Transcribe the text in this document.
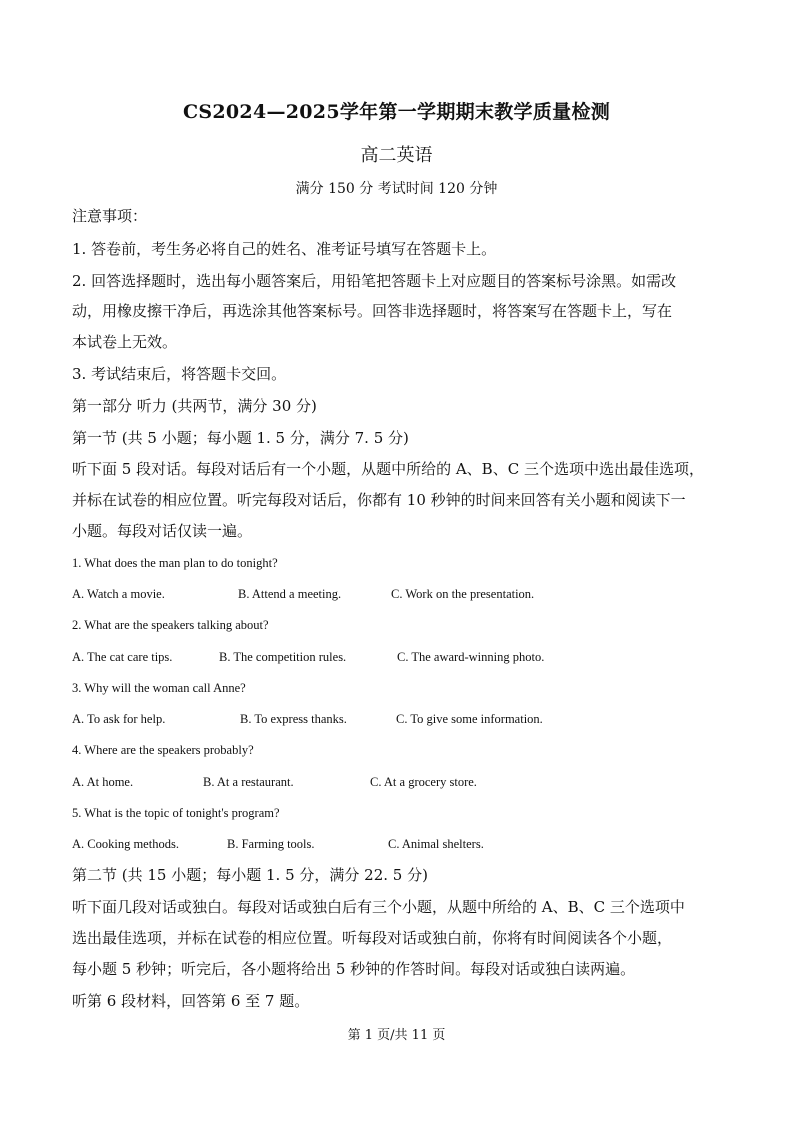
CS2024—2025学年第一学期期末教学质量检测
高二英语
满分 150 分 考试时间 120 分钟
注意事项：
1. 答卷前，考生务必将自己的姓名、准考证号填写在答题卡上。
2. 回答选择题时，选出每小题答案后，用铅笔把答题卡上对应题目的答案标号涂黑。如需改
动，用橡皮擦干净后，再选涂其他答案标号。回答非选择题时，将答案写在答题卡上，写在
本试卷上无效。
3. 考试结束后，将答题卡交回。
第一部分 听力 (共两节，满分 30 分)
第一节 (共 5 小题；每小题 1. 5 分，满分 7. 5 分)
听下面 5 段对话。每段对话后有一个小题，从题中所给的 A、B、C 三个选项中选出最佳选项，
并标在试卷的相应位置。听完每段对话后，你都有 10 秒钟的时间来回答有关小题和阅读下一
小题。每段对话仅读一遍。
1. What does the man plan to do tonight?
A. Watch a movie.	B. Attend a meeting.	C. Work on the presentation.
2. What are the speakers talking about?
A. The cat care tips.	B. The competition rules.	C. The award-winning photo.
3. Why will the woman call Anne?
A. To ask for help.	B. To express thanks.	C. To give some information.
4. Where are the speakers probably?
A. At home.	B. At a restaurant.	C. At a grocery store.
5. What is the topic of tonight's program?
A. Cooking methods.	B. Farming tools.	C. Animal shelters.
第二节 (共 15 小题；每小题 1. 5 分，满分 22. 5 分)
听下面几段对话或独白。每段对话或独白后有三个小题，从题中所给的 A、B、C 三个选项中
选出最佳选项，并标在试卷的相应位置。听每段对话或独白前，你将有时间阅读各个小题，
每小题 5 秒钟；听完后，各小题将给出 5 秒钟的作答时间。每段对话或独白读两遍。
听第 6 段材料，回答第 6 至 7 题。
第 1 页/共 11 页
